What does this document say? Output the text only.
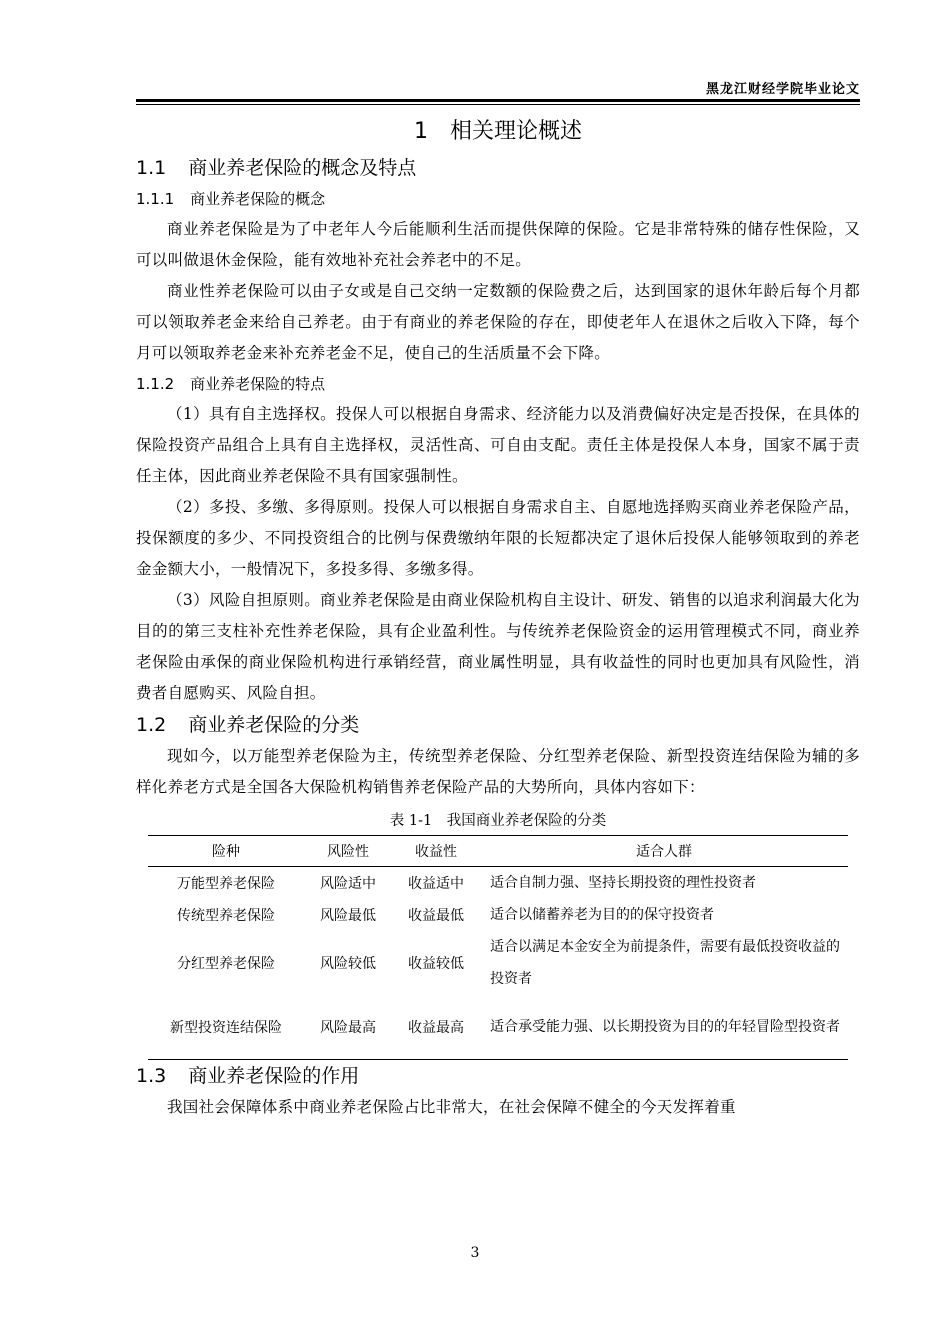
黑龙江财经学院毕业论文
1 相关理论概述
1.1 商业养老保险的概念及特点
1.1.1 商业养老保险的概念

商业养老保险是为了中老年人今后能顺利生活而提供保障的保险。它是非常特殊的储存性保险，又可以叫做退休金保险，能有效地补充社会养老中的不足。

商业性养老保险可以由子女或是自己交纳一定数额的保险费之后，达到国家的退休年龄后每个月都可以领取养老金来给自己养老。由于有商业的养老保险的存在，即使老年人在退休之后收入下降，每个月可以领取养老金来补充养老金不足，使自己的生活质量不会下降。

1.1.2 商业养老保险的特点

（1）具有自主选择权。投保人可以根据自身需求、经济能力以及消费偏好决定是否投保，在具体的保险投资产品组合上具有自主选择权，灵活性高、可自由支配。责任主体是投保人本身，国家不属于责任主体，因此商业养老保险不具有国家强制性。

（2）多投、多缴、多得原则。投保人可以根据自身需求自主、自愿地选择购买商业养老保险产品，投保额度的多少、不同投资组合的比例与保费缴纳年限的长短都决定了退休后投保人能够领取到的养老金金额大小，一般情况下，多投多得、多缴多得。

（3）风险自担原则。商业养老保险是由商业保险机构自主设计、研发、销售的以追求利润最大化为目的的第三支柱补充性养老保险，具有企业盈利性。与传统养老保险资金的运用管理模式不同，商业养老保险由承保的商业保险机构进行承销经营，商业属性明显，具有收益性的同时也更加具有风险性，消费者自愿购买、风险自担。

1.2 商业养老保险的分类

现如今，以万能型养老保险为主，传统型养老保险、分红型养老保险、新型投资连结保险为辅的多样化养老方式是全国各大保险机构销售养老保险产品的大势所向，具体内容如下：

表 1-1　我国商业养老保险的分类
险种	风险性	收益性	适合人群
万能型养老保险	风险适中	收益适中	适合自制力强、坚持长期投资的理性投资者
传统型养老保险	风险最低	收益最低	适合以储蓄养老为目的的保守投资者
分红型养老保险	风险较低	收益较低	适合以满足本金安全为前提条件，需要有最低投资收益的投资者
新型投资连结保险	风险最高	收益最高	适合承受能力强、以长期投资为目的的年轻冒险型投资者
1.3 商业养老保险的作用

我国社会保障体系中商业养老保险占比非常大，在社会保障不健全的今天发挥着重

3
